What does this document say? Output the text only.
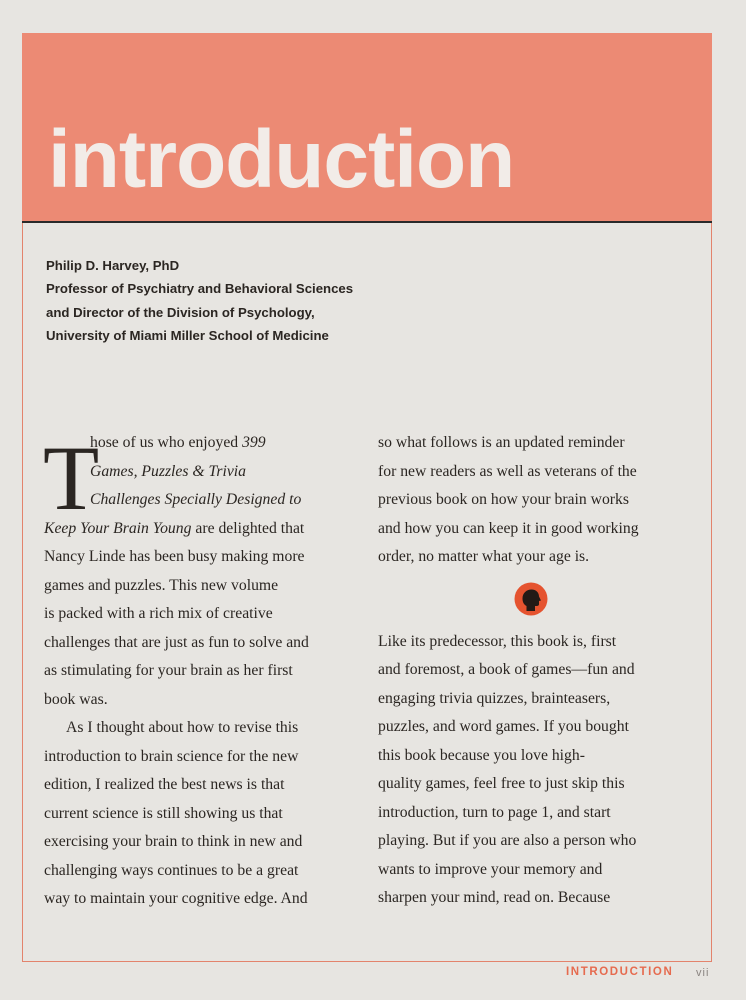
introduction
Philip D. Harvey, PhD
Professor of Psychiatry and Behavioral Sciences
and Director of the Division of Psychology,
University of Miami Miller School of Medicine
T
hose of us who enjoyed 399
Games, Puzzles & Trivia
Challenges Specially Designed to
Keep Your Brain Young are delighted that
Nancy Linde has been busy making more
games and puzzles. This new volume
is packed with a rich mix of creative
challenges that are just as fun to solve and
as stimulating for your brain as her first
book was.
As I thought about how to revise this
introduction to brain science for the new
edition, I realized the best news is that
current science is still showing us that
exercising your brain to think in new and
challenging ways continues to be a great
way to maintain your cognitive edge. And
so what follows is an updated reminder
for new readers as well as veterans of the
previous book on how your brain works
and how you can keep it in good working
order, no matter what your age is.
Like its predecessor, this book is, first
and foremost, a book of games—fun and
engaging trivia quizzes, brainteasers,
puzzles, and word games. If you bought
this book because you love high-
quality games, feel free to just skip this
introduction, turn to page 1, and start
playing. But if you are also a person who
wants to improve your memory and
sharpen your mind, read on. Because
INTRODUCTION vii
